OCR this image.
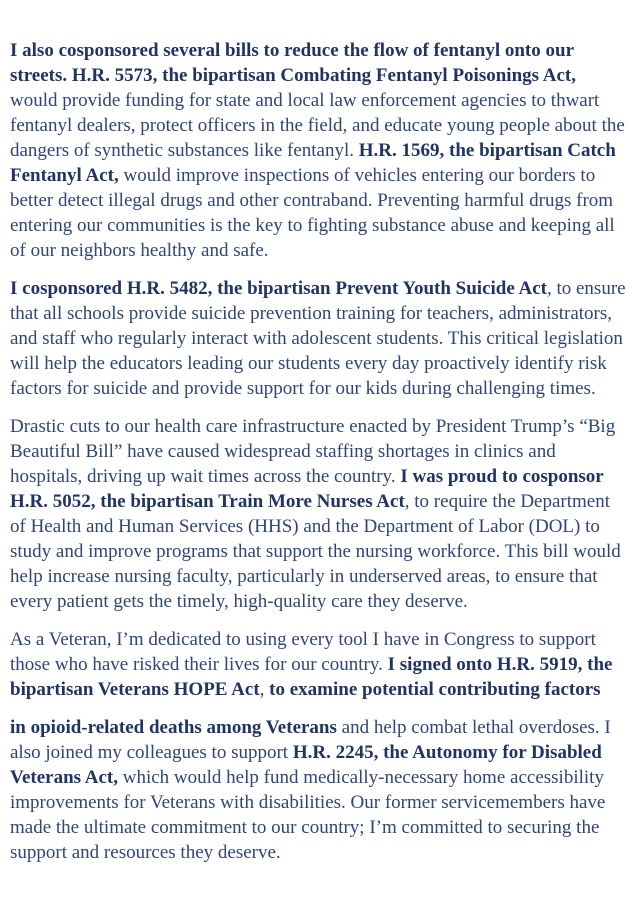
I also cosponsored several bills to reduce the flow of fentanyl onto our streets. H.R. 5573, the bipartisan Combating Fentanyl Poisonings Act, would provide funding for state and local law enforcement agencies to thwart fentanyl dealers, protect officers in the field, and educate young people about the dangers of synthetic substances like fentanyl. H.R. 1569, the bipartisan Catch Fentanyl Act, would improve inspections of vehicles entering our borders to better detect illegal drugs and other contraband. Preventing harmful drugs from entering our communities is the key to fighting substance abuse and keeping all of our neighbors healthy and safe.

I cosponsored H.R. 5482, the bipartisan Prevent Youth Suicide Act, to ensure that all schools provide suicide prevention training for teachers, administrators, and staff who regularly interact with adolescent students. This critical legislation will help the educators leading our students every day proactively identify risk factors for suicide and provide support for our kids during challenging times.

Drastic cuts to our health care infrastructure enacted by President Trump’s “Big Beautiful Bill” have caused widespread staffing shortages in clinics and hospitals, driving up wait times across the country. I was proud to cosponsor H.R. 5052, the bipartisan Train More Nurses Act, to require the Department of Health and Human Services (HHS) and the Department of Labor (DOL) to study and improve programs that support the nursing workforce. This bill would help increase nursing faculty, particularly in underserved areas, to ensure that every patient gets the timely, high-quality care they deserve.

As a Veteran, I’m dedicated to using every tool I have in Congress to support those who have risked their lives for our country. I signed onto H.R. 5919, the bipartisan Veterans HOPE Act, to examine potential contributing factors

in opioid-related deaths among Veterans and help combat lethal overdoses. I also joined my colleagues to support H.R. 2245, the Autonomy for Disabled Veterans Act, which would help fund medically-necessary home accessibility improvements for Veterans with disabilities. Our former servicemembers have made the ultimate commitment to our country; I’m committed to securing the support and resources they deserve.
